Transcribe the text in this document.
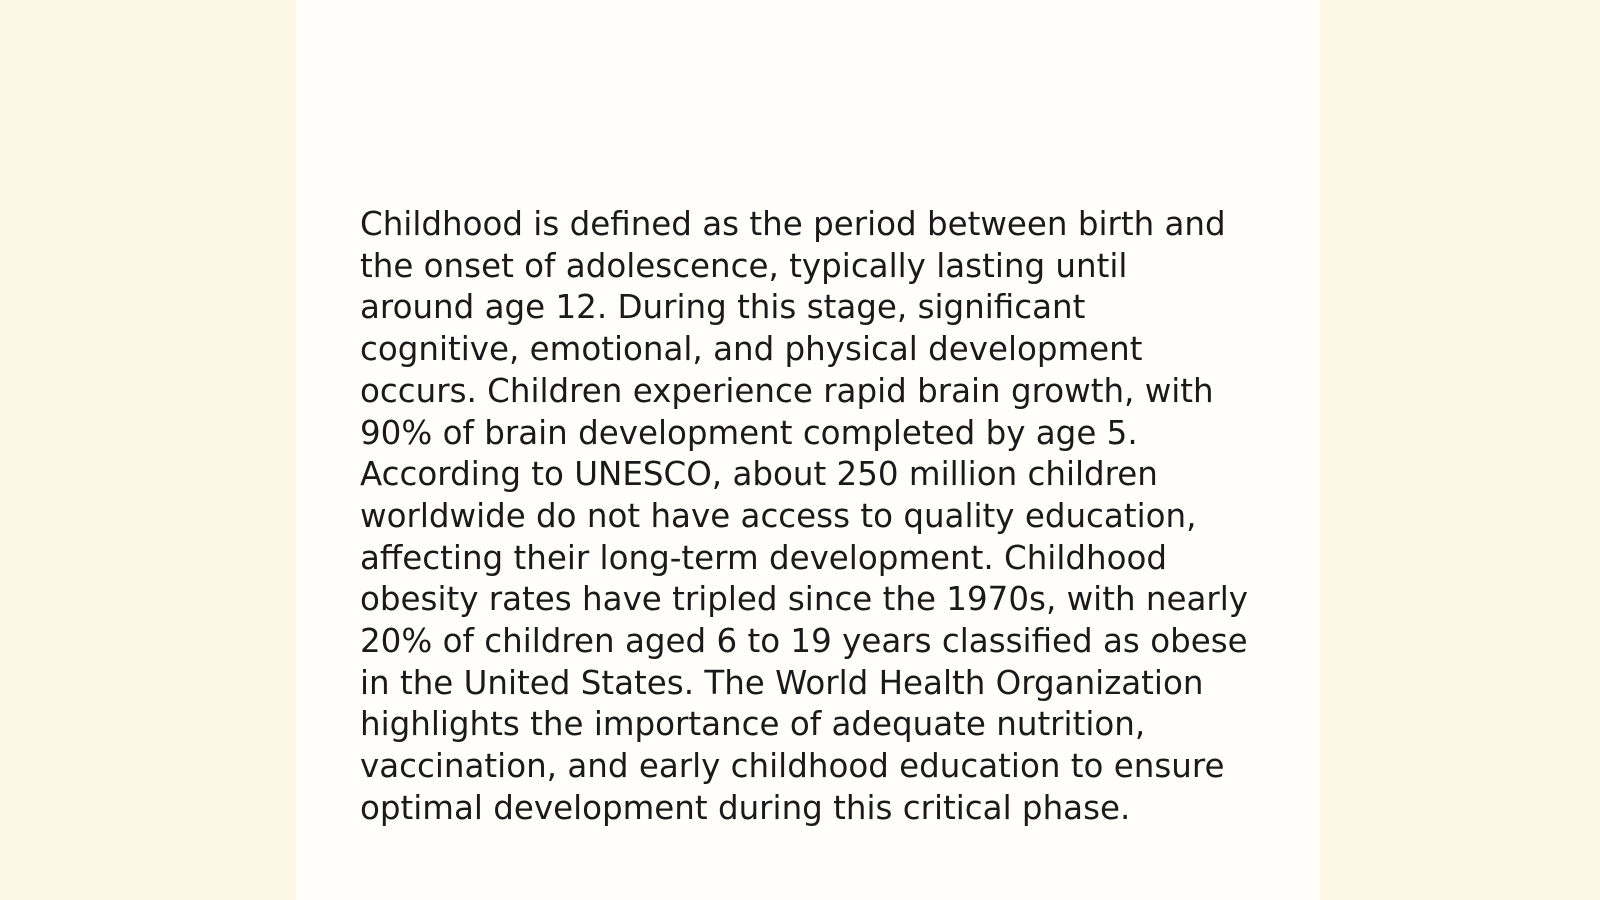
Childhood is defined as the period between birth and
the onset of adolescence, typically lasting until
around age 12. During this stage, significant
cognitive, emotional, and physical development
occurs. Children experience rapid brain growth, with
90% of brain development completed by age 5.
According to UNESCO, about 250 million children
worldwide do not have access to quality education,
affecting their long-term development. Childhood
obesity rates have tripled since the 1970s, with nearly
20% of children aged 6 to 19 years classified as obese
in the United States. The World Health Organization
highlights the importance of adequate nutrition,
vaccination, and early childhood education to ensure
optimal development during this critical phase.
